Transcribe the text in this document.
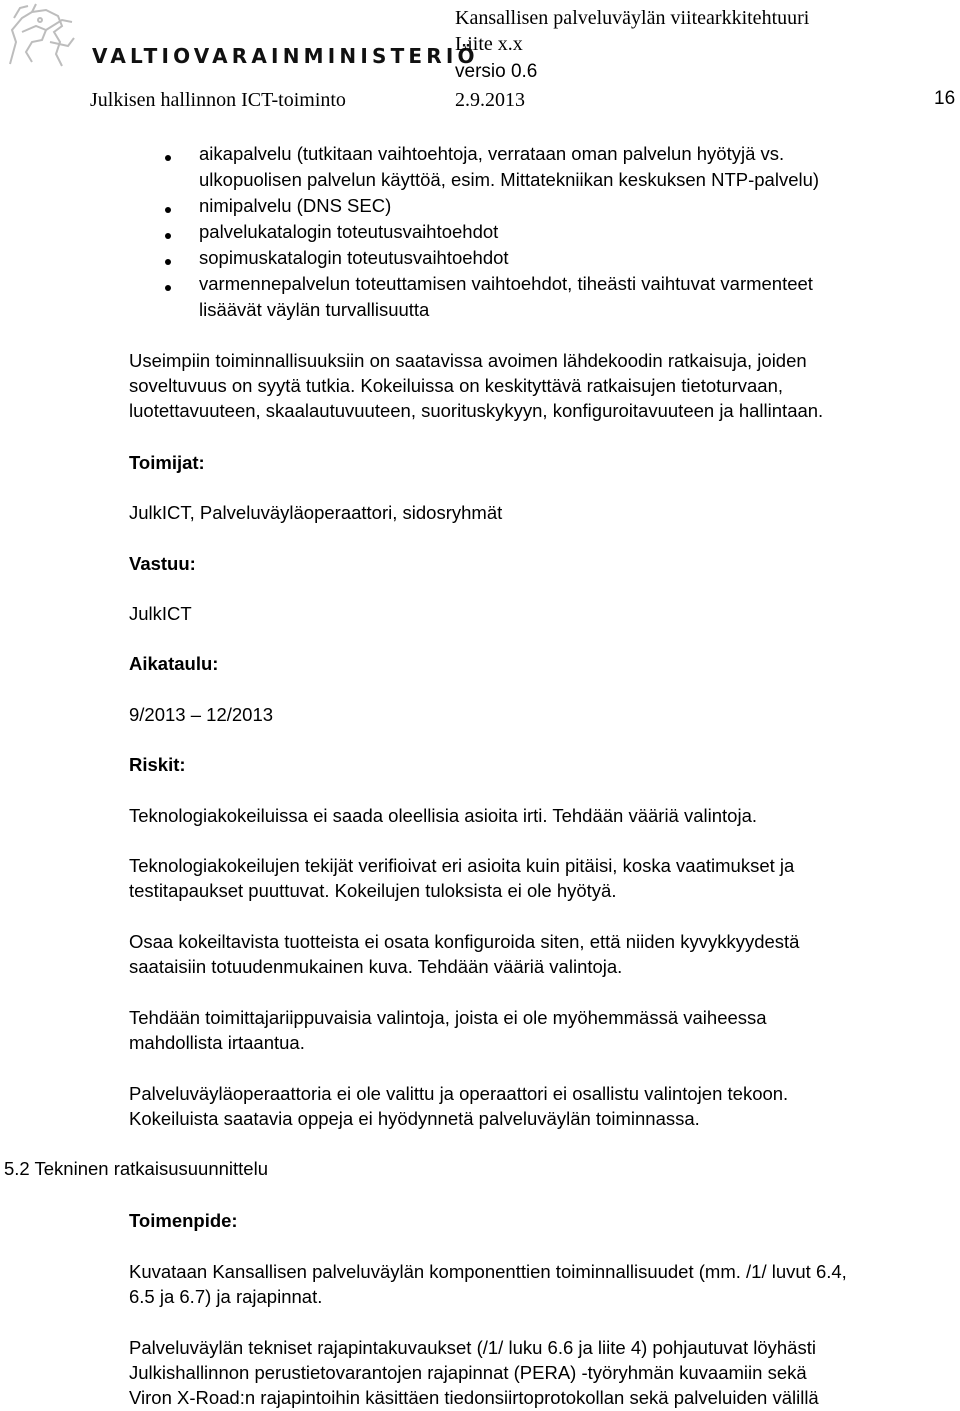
VALTIOVARAINMINISTERIÖ
Kansallisen palveluväylän viitearkkitehtuuri
Liite x.x
versio 0.6
Julkisen hallinnon ICT-toiminto	2.9.2013	16
aikapalvelu (tutkitaan vaihtoehtoja, verrataan oman palvelun hyötyjä vs.
ulkopuolisen palvelun käyttöä, esim. Mittatekniikan keskuksen NTP-palvelu)
nimipalvelu (DNS SEC)
palvelukatalogin toteutusvaihtoehdot
sopimuskatalogin toteutusvaihtoehdot
varmennepalvelun toteuttamisen vaihtoehdot, tiheästi vaihtuvat varmenteet
lisäävät väylän turvallisuutta
Useimpiin toiminnallisuuksiin on saatavissa avoimen lähdekoodin ratkaisuja, joiden
soveltuvuus on syytä tutkia. Kokeiluissa on keskityttävä ratkaisujen tietoturvaan,
luotettavuuteen, skaalautuvuuteen, suorituskykyyn, konfiguroitavuuteen ja hallintaan.
Toimijat:
JulkICT, Palveluväyläoperaattori, sidosryhmät
Vastuu:
JulkICT
Aikataulu:
9/2013 – 12/2013
Riskit:
Teknologiakokeiluissa ei saada oleellisia asioita irti. Tehdään vääriä valintoja.
Teknologiakokeilujen tekijät verifioivat eri asioita kuin pitäisi, koska vaatimukset ja
testitapaukset puuttuvat. Kokeilujen tuloksista ei ole hyötyä.
Osaa kokeiltavista tuotteista ei osata konfiguroida siten, että niiden kyvykkyydestä
saataisiin totuudenmukainen kuva. Tehdään vääriä valintoja.
Tehdään toimittajariippuvaisia valintoja, joista ei ole myöhemmässä vaiheessa
mahdollista irtaantua.
Palveluväyläoperaattoria ei ole valittu ja operaattori ei osallistu valintojen tekoon.
Kokeiluista saatavia oppeja ei hyödynnetä palveluväylän toiminnassa.
5.2 Tekninen ratkaisusuunnittelu
Toimenpide:
Kuvataan Kansallisen palveluväylän komponenttien toiminnallisuudet (mm. /1/ luvut 6.4,
6.5 ja 6.7) ja rajapinnat.
Palveluväylän tekniset rajapintakuvaukset (/1/ luku 6.6 ja liite 4) pohjautuvat löyhästi
Julkishallinnon perustietovarantojen rajapinnat (PERA) -työryhmän kuvaamiin sekä
Viron X-Road:n rajapintoihin käsittäen tiedonsiirtoprotokollan sekä palveluiden välillä
